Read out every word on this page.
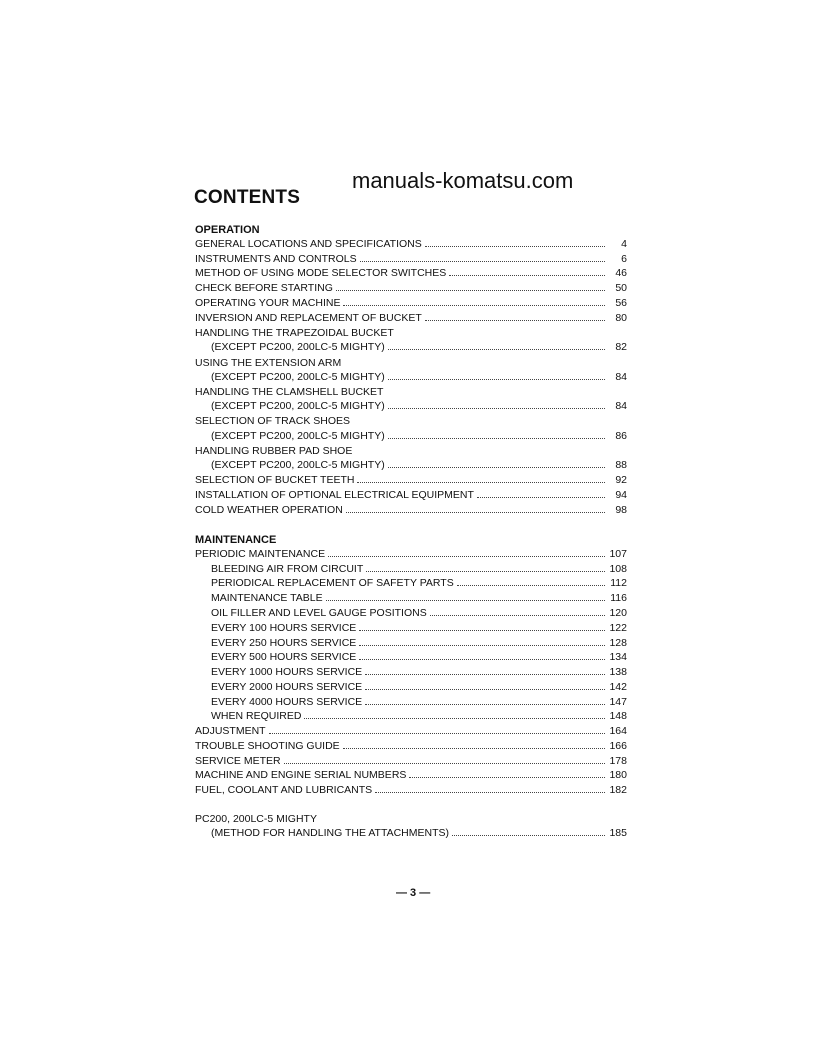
manuals-komatsu.com
CONTENTS
OPERATION
GENERAL LOCATIONS AND SPECIFICATIONS	4
INSTRUMENTS AND CONTROLS	6
METHOD OF USING MODE SELECTOR SWITCHES	46
CHECK BEFORE STARTING	50
OPERATING YOUR MACHINE	56
INVERSION AND REPLACEMENT OF BUCKET	80
HANDLING THE TRAPEZOIDAL BUCKET
(EXCEPT PC200, 200LC-5 MIGHTY)	82
USING THE EXTENSION ARM
(EXCEPT PC200, 200LC-5 MIGHTY)	84
HANDLING THE CLAMSHELL BUCKET
(EXCEPT PC200, 200LC-5 MIGHTY)	84
SELECTION OF TRACK SHOES
(EXCEPT PC200, 200LC-5 MIGHTY)	86
HANDLING RUBBER PAD SHOE
(EXCEPT PC200, 200LC-5 MIGHTY)	88
SELECTION OF BUCKET TEETH	92
INSTALLATION OF OPTIONAL ELECTRICAL EQUIPMENT	94
COLD WEATHER OPERATION	98
MAINTENANCE
PERIODIC MAINTENANCE	107
BLEEDING AIR FROM CIRCUIT	108
PERIODICAL REPLACEMENT OF SAFETY PARTS	112
MAINTENANCE TABLE	116
OIL FILLER AND LEVEL GAUGE POSITIONS	120
EVERY 100 HOURS SERVICE	122
EVERY 250 HOURS SERVICE	128
EVERY 500 HOURS SERVICE	134
EVERY 1000 HOURS SERVICE	138
EVERY 2000 HOURS SERVICE	142
EVERY 4000 HOURS SERVICE	147
WHEN REQUIRED	148
ADJUSTMENT	164
TROUBLE SHOOTING GUIDE	166
SERVICE METER	178
MACHINE AND ENGINE SERIAL NUMBERS	180
FUEL, COOLANT AND LUBRICANTS	182
PC200, 200LC-5 MIGHTY
(METHOD FOR HANDLING THE ATTACHMENTS)	185
— 3 —
